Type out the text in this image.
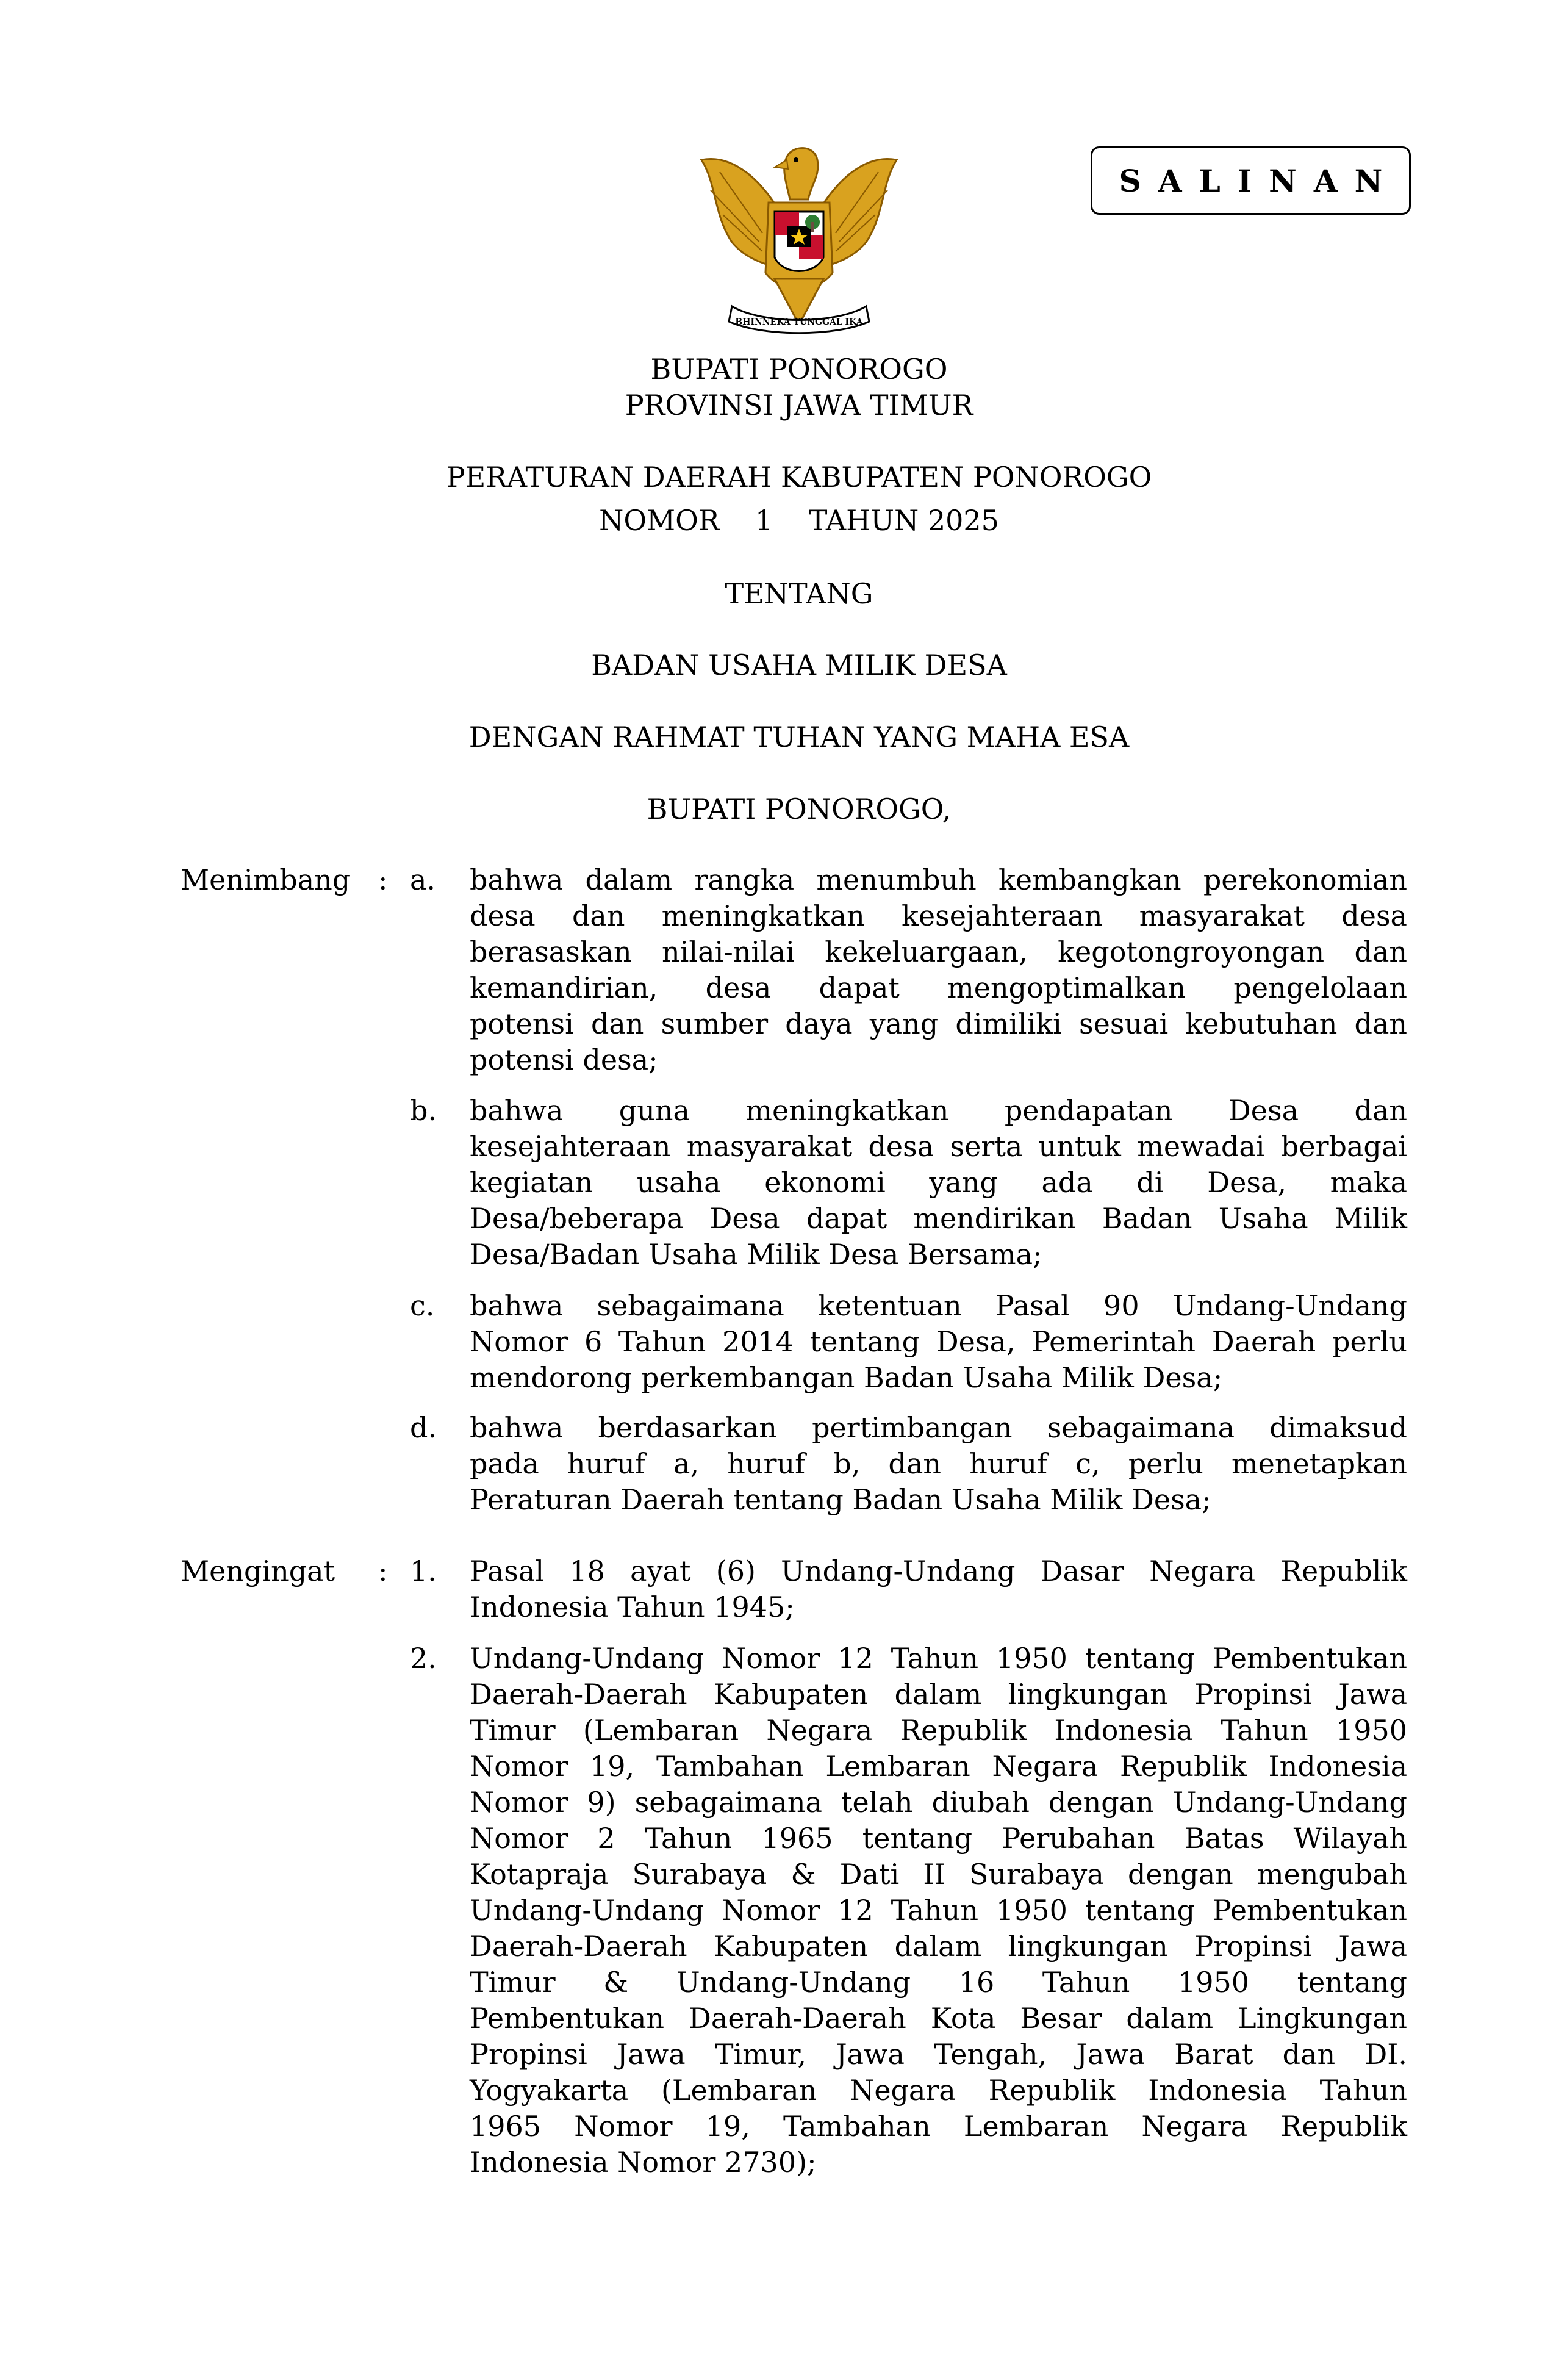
SALINAN
BHINNEKA TUNGGAL IKA
BUPATI PONOROGO
PROVINSI JAWA TIMUR
PERATURAN DAERAH KABUPATEN PONOROGO
NOMOR    1    TAHUN 2025
TENTANG
BADAN USAHA MILIK DESA
DENGAN RAHMAT TUHAN YANG MAHA ESA
BUPATI PONOROGO,
Menimbang : a. bahwa dalam rangka menumbuh kembangkan perekonomian
desa dan meningkatkan kesejahteraan masyarakat desa
berasaskan nilai-nilai kekeluargaan, kegotongroyongan dan
kemandirian, desa dapat mengoptimalkan pengelolaan
potensi dan sumber daya yang dimiliki sesuai kebutuhan dan
potensi desa;
b. bahwa guna meningkatkan pendapatan Desa dan
kesejahteraan masyarakat desa serta untuk mewadai berbagai
kegiatan usaha ekonomi yang ada di Desa, maka
Desa/beberapa Desa dapat mendirikan Badan Usaha Milik
Desa/Badan Usaha Milik Desa Bersama;
c. bahwa sebagaimana ketentuan Pasal 90 Undang-Undang
Nomor 6 Tahun 2014 tentang Desa, Pemerintah Daerah perlu
mendorong perkembangan Badan Usaha Milik Desa;
d. bahwa berdasarkan pertimbangan sebagaimana dimaksud
pada huruf a, huruf b, dan huruf c, perlu menetapkan
Peraturan Daerah tentang Badan Usaha Milik Desa;
Mengingat : 1. Pasal 18 ayat (6) Undang-Undang Dasar Negara Republik
Indonesia Tahun 1945;
2. Undang-Undang Nomor 12 Tahun 1950 tentang Pembentukan
Daerah-Daerah Kabupaten dalam lingkungan Propinsi Jawa
Timur (Lembaran Negara Republik Indonesia Tahun 1950
Nomor 19, Tambahan Lembaran Negara Republik Indonesia
Nomor 9) sebagaimana telah diubah dengan Undang-Undang
Nomor 2 Tahun 1965 tentang Perubahan Batas Wilayah
Kotapraja Surabaya & Dati II Surabaya dengan mengubah
Undang-Undang Nomor 12 Tahun 1950 tentang Pembentukan
Daerah-Daerah Kabupaten dalam lingkungan Propinsi Jawa
Timur & Undang-Undang 16 Tahun 1950 tentang
Pembentukan Daerah-Daerah Kota Besar dalam Lingkungan
Propinsi Jawa Timur, Jawa Tengah, Jawa Barat dan DI.
Yogyakarta (Lembaran Negara Republik Indonesia Tahun
1965 Nomor 19, Tambahan Lembaran Negara Republik
Indonesia Nomor 2730);
